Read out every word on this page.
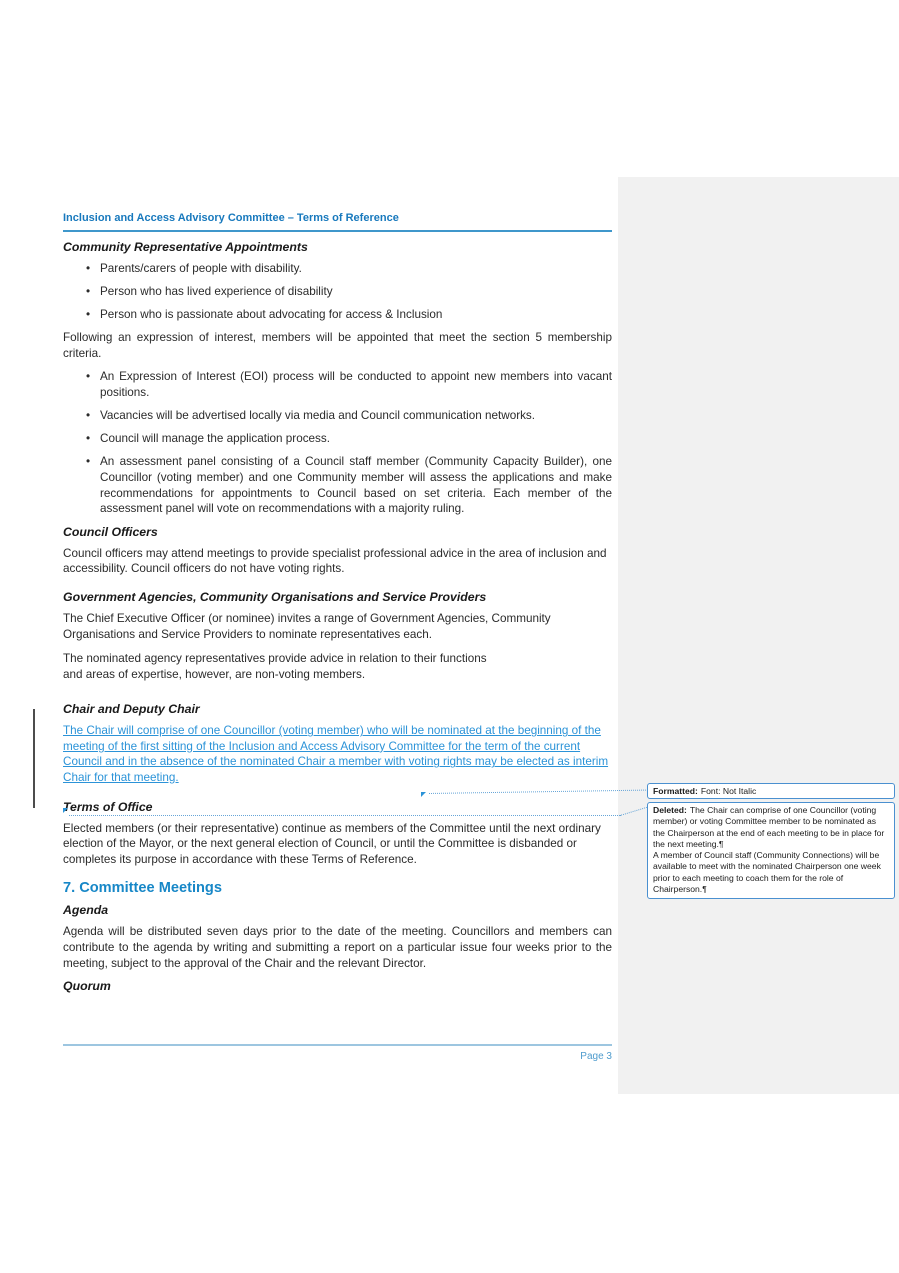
Inclusion and Access Advisory Committee – Terms of Reference
Community Representative Appointments
• Parents/carers of people with disability.
• Person who has lived experience of disability
• Person who is passionate about advocating for access & Inclusion

Following an expression of interest, members will be appointed that meet the section 5 membership criteria.

• An Expression of Interest (EOI) process will be conducted to appoint new members into vacant positions.
• Vacancies will be advertised locally via media and Council communication networks.
• Council will manage the application process.
• An assessment panel consisting of a Council staff member (Community Capacity Builder), one Councillor (voting member) and one Community member will assess the applications and make recommendations for appointments to Council based on set criteria. Each member of the assessment panel will vote on recommendations with a majority ruling.
Council Officers

Council officers may attend meetings to provide specialist professional advice in the area of inclusion and accessibility. Council officers do not have voting rights.

Government Agencies, Community Organisations and Service Providers

The Chief Executive Officer (or nominee) invites a range of Government Agencies, Community Organisations and Service Providers to nominate representatives each.

The nominated agency representatives provide advice in relation to their functions
and areas of expertise, however, are non-voting members.

Chair and Deputy Chair

The Chair will comprise of one Councillor (voting member) who will be nominated at the beginning of the meeting of the first sitting of the Inclusion and Access Advisory Committee for the term of the current Council and in the absence of the nominated Chair a member with voting rights may be elected as interim Chair for that meeting.

Terms of Office

Elected members (or their representative) continue as members of the Committee until the next ordinary election of the Mayor, or the next general election of Council, or until the Committee is disbanded or completes its purpose in accordance with these Terms of Reference.

7. Committee Meetings
Agenda

Agenda will be distributed seven days prior to the date of the meeting. Councillors and members can contribute to the agenda by writing and submitting a report on a particular issue four weeks prior to the meeting, subject to the approval of the Chair and the relevant Director.

Quorum

Formatted: Font: Not Italic

Deleted: The Chair can comprise of one Councillor (voting member) or voting Committee member to be nominated as the Chairperson at the end of each meeting to be in place for the next meeting.¶

A member of Council staff (Community Connections) will be available to meet with the nominated Chairperson one week prior to each meeting to coach them for the role of Chairperson.¶

Page 3
